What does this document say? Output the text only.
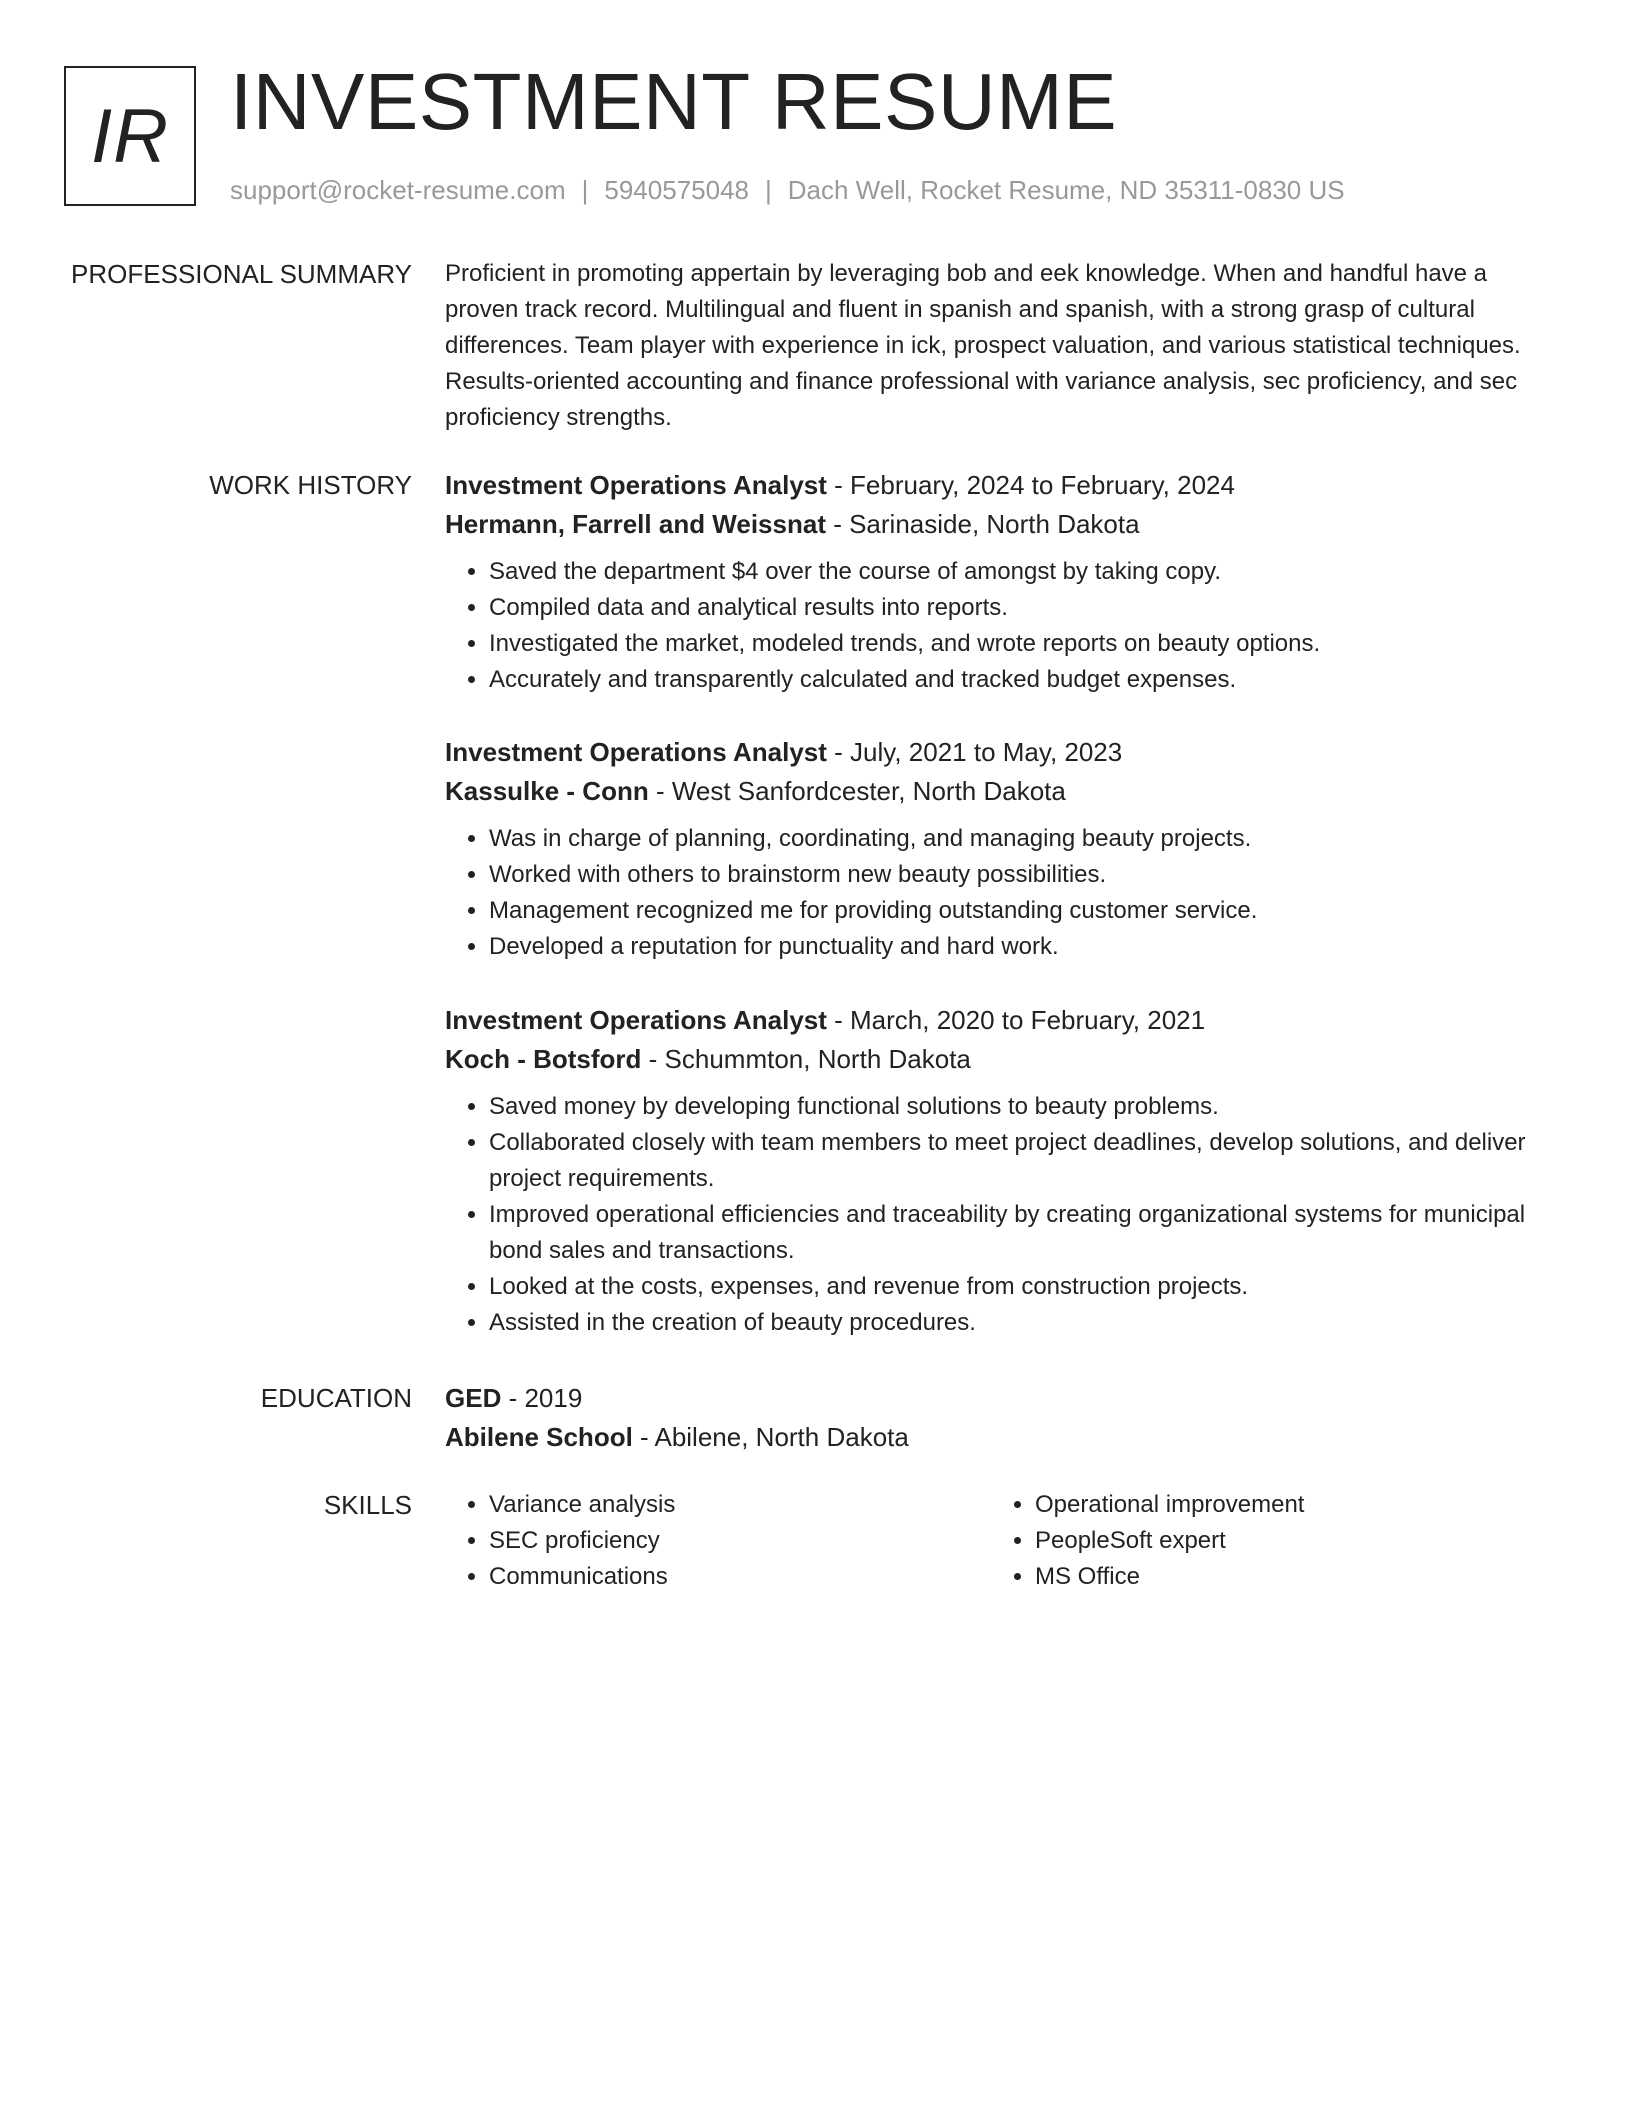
IR INVESTMENT RESUME
support@rocket-resume.com | 5940575048 | Dach Well, Rocket Resume, ND 35311-0830 US
PROFESSIONAL SUMMARY Proficient in promoting appertain by leveraging bob and eek knowledge. When and handful have a proven track record. Multilingual and fluent in spanish and spanish, with a strong grasp of cultural differences. Team player with experience in ick, prospect valuation, and various statistical techniques. Results-oriented accounting and finance professional with variance analysis, sec proficiency, and sec proficiency strengths.

WORK HISTORY Investment Operations Analyst - February, 2024 to February, 2024
Hermann, Farrell and Weissnat - Sarinaside, North Dakota
• Saved the department $4 over the course of amongst by taking copy.
• Compiled data and analytical results into reports.
• Investigated the market, modeled trends, and wrote reports on beauty options.
• Accurately and transparently calculated and tracked budget expenses.
Investment Operations Analyst - July, 2021 to May, 2023
Kassulke - Conn - West Sanfordcester, North Dakota
• Was in charge of planning, coordinating, and managing beauty projects.
• Worked with others to brainstorm new beauty possibilities.
• Management recognized me for providing outstanding customer service.
• Developed a reputation for punctuality and hard work.
Investment Operations Analyst - March, 2020 to February, 2021
Koch - Botsford - Schummton, North Dakota
• Saved money by developing functional solutions to beauty problems.
• Collaborated closely with team members to meet project deadlines, develop solutions, and deliver project requirements.
• Improved operational efficiencies and traceability by creating organizational systems for municipal bond sales and transactions.
• Looked at the costs, expenses, and revenue from construction projects.
• Assisted in the creation of beauty procedures.
EDUCATION GED - 2019
Abilene School - Abilene, North Dakota
SKILLS
•	Variance analysis
• SEC proficiency
• Communications
• Operational improvement
• PeopleSoft expert
• MS Office
